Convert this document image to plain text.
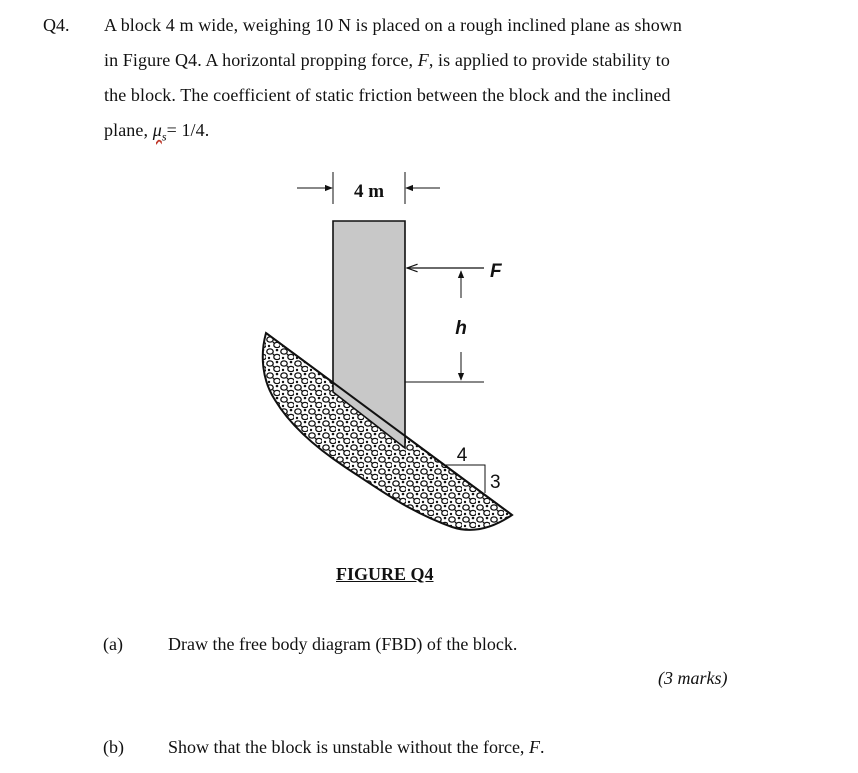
Q4. A block 4 m wide, weighing 10 N is placed on a rough inclined plane as shown
in Figure Q4. A horizontal propping force, F, is applied to provide stability to
the block. The coefficient of static friction between the block and the inclined
plane, $\mu_s= 1/4$.
4 m
F
h
4
3
FIGURE Q4
(a)	Draw the free body diagram (FBD) of the block.
(3 marks)
(b) Show that the block is unstable without the force, F.
